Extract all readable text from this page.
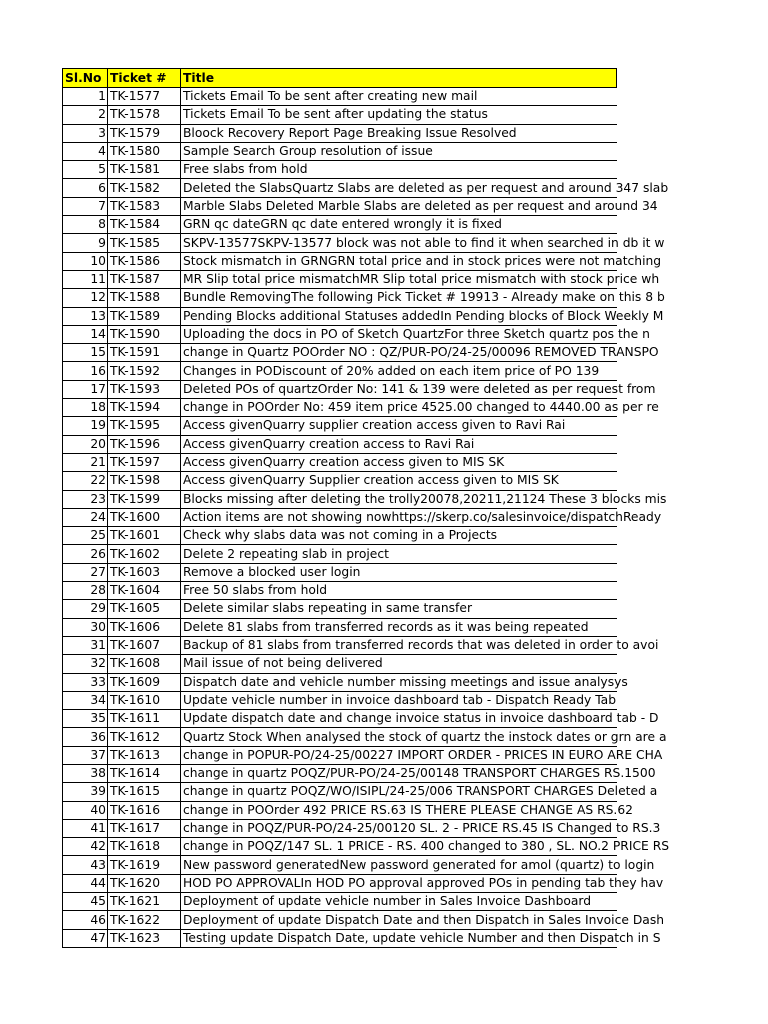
Sl.No	Ticket #	Title
1	TK-1577	Tickets Email To be sent after creating new mail
2	TK-1578	Tickets Email To be sent after updating the status
3	TK-1579	Bloock Recovery Report Page Breaking Issue Resolved
4	TK-1580	Sample Search Group resolution of issue
5	TK-1581	Free slabs from hold
6	TK-1582	Deleted the SlabsQuartz Slabs are deleted as per request and around 347 slab
7	TK-1583	Marble Slabs Deleted Marble Slabs are deleted as per request and around 34
8	TK-1584	GRN qc dateGRN qc date entered wrongly it is fixed
9	TK-1585	SKPV-13577SKPV-13577 block was not able to find it when searched in db it w
10	TK-1586	Stock mismatch in GRNGRN total price and in stock prices were not matching
11	TK-1587	MR Slip total price mismatchMR Slip total price mismatch with stock price wh
12	TK-1588	Bundle RemovingThe following Pick Ticket # 19913 - Already make on this 8 b
13	TK-1589	Pending Blocks additional Statuses addedIn Pending blocks of Block Weekly M
14	TK-1590	Uploading the docs in PO of Sketch QuartzFor three Sketch quartz pos the n
15	TK-1591	change in Quartz POOrder NO : QZ/PUR-PO/24-25/00096 REMOVED TRANSPO
16	TK-1592	Changes in PODiscount of 20% added on each item price of PO 139
17	TK-1593	Deleted POs of quartzOrder No: 141 & 139 were deleted as per request from
18	TK-1594	change in POOrder No: 459 item price 4525.00 changed to 4440.00 as per re
19	TK-1595	Access givenQuarry supplier creation access given to Ravi Rai
20	TK-1596	Access givenQuarry creation access to Ravi Rai
21	TK-1597	Access givenQuarry creation access given to MIS SK
22	TK-1598	Access givenQuarry Supplier creation access given to MIS SK
23	TK-1599	Blocks missing after deleting the trolly20078,20211,21124 These 3 blocks mis
24	TK-1600	Action items are not showing nowhttps://skerp.co/salesinvoice/dispatchReady
25	TK-1601	Check why slabs data was not coming in a Projects
26	TK-1602	Delete 2 repeating slab in project
27	TK-1603	Remove a blocked user login
28	TK-1604	Free 50 slabs from hold
29	TK-1605	Delete similar slabs repeating in same transfer
30	TK-1606	Delete 81 slabs from transferred records as it was being repeated
31	TK-1607	Backup of 81 slabs from transferred records that was deleted in order to avoi
32	TK-1608	Mail issue of not being delivered
33	TK-1609	Dispatch date and vehicle number missing meetings and issue analysys
34	TK-1610	Update vehicle number in invoice dashboard tab - Dispatch Ready Tab
35	TK-1611	Update dispatch date and change invoice status in invoice dashboard tab - D
36	TK-1612	Quartz Stock When analysed the stock of quartz the instock dates or grn are a
37	TK-1613	change in POPUR-PO/24-25/00227 IMPORT ORDER - PRICES IN EURO ARE CHA
38	TK-1614	change in quartz POQZ/PUR-PO/24-25/00148 TRANSPORT CHARGES RS.1500
39	TK-1615	change in quartz POQZ/WO/ISIPL/24-25/006 TRANSPORT CHARGES Deleted a
40	TK-1616	change in POOrder 492 PRICE RS.63 IS THERE PLEASE CHANGE AS RS.62
41	TK-1617	change in POQZ/PUR-PO/24-25/00120 SL. 2 - PRICE RS.45 IS Changed to RS.3
42	TK-1618	change in POQZ/147 SL. 1 PRICE - RS. 400 changed to 380 , SL. NO.2 PRICE RS
43	TK-1619	New password generatedNew password generated for amol (quartz) to login
44	TK-1620	HOD PO APPROVALIn HOD PO approval approved POs in pending tab they hav
45	TK-1621	Deployment of update vehicle number in Sales Invoice Dashboard
46	TK-1622	Deployment of update Dispatch Date and then Dispatch in Sales Invoice Dash
47	TK-1623	Testing update Dispatch Date, update vehicle Number and then Dispatch in S
